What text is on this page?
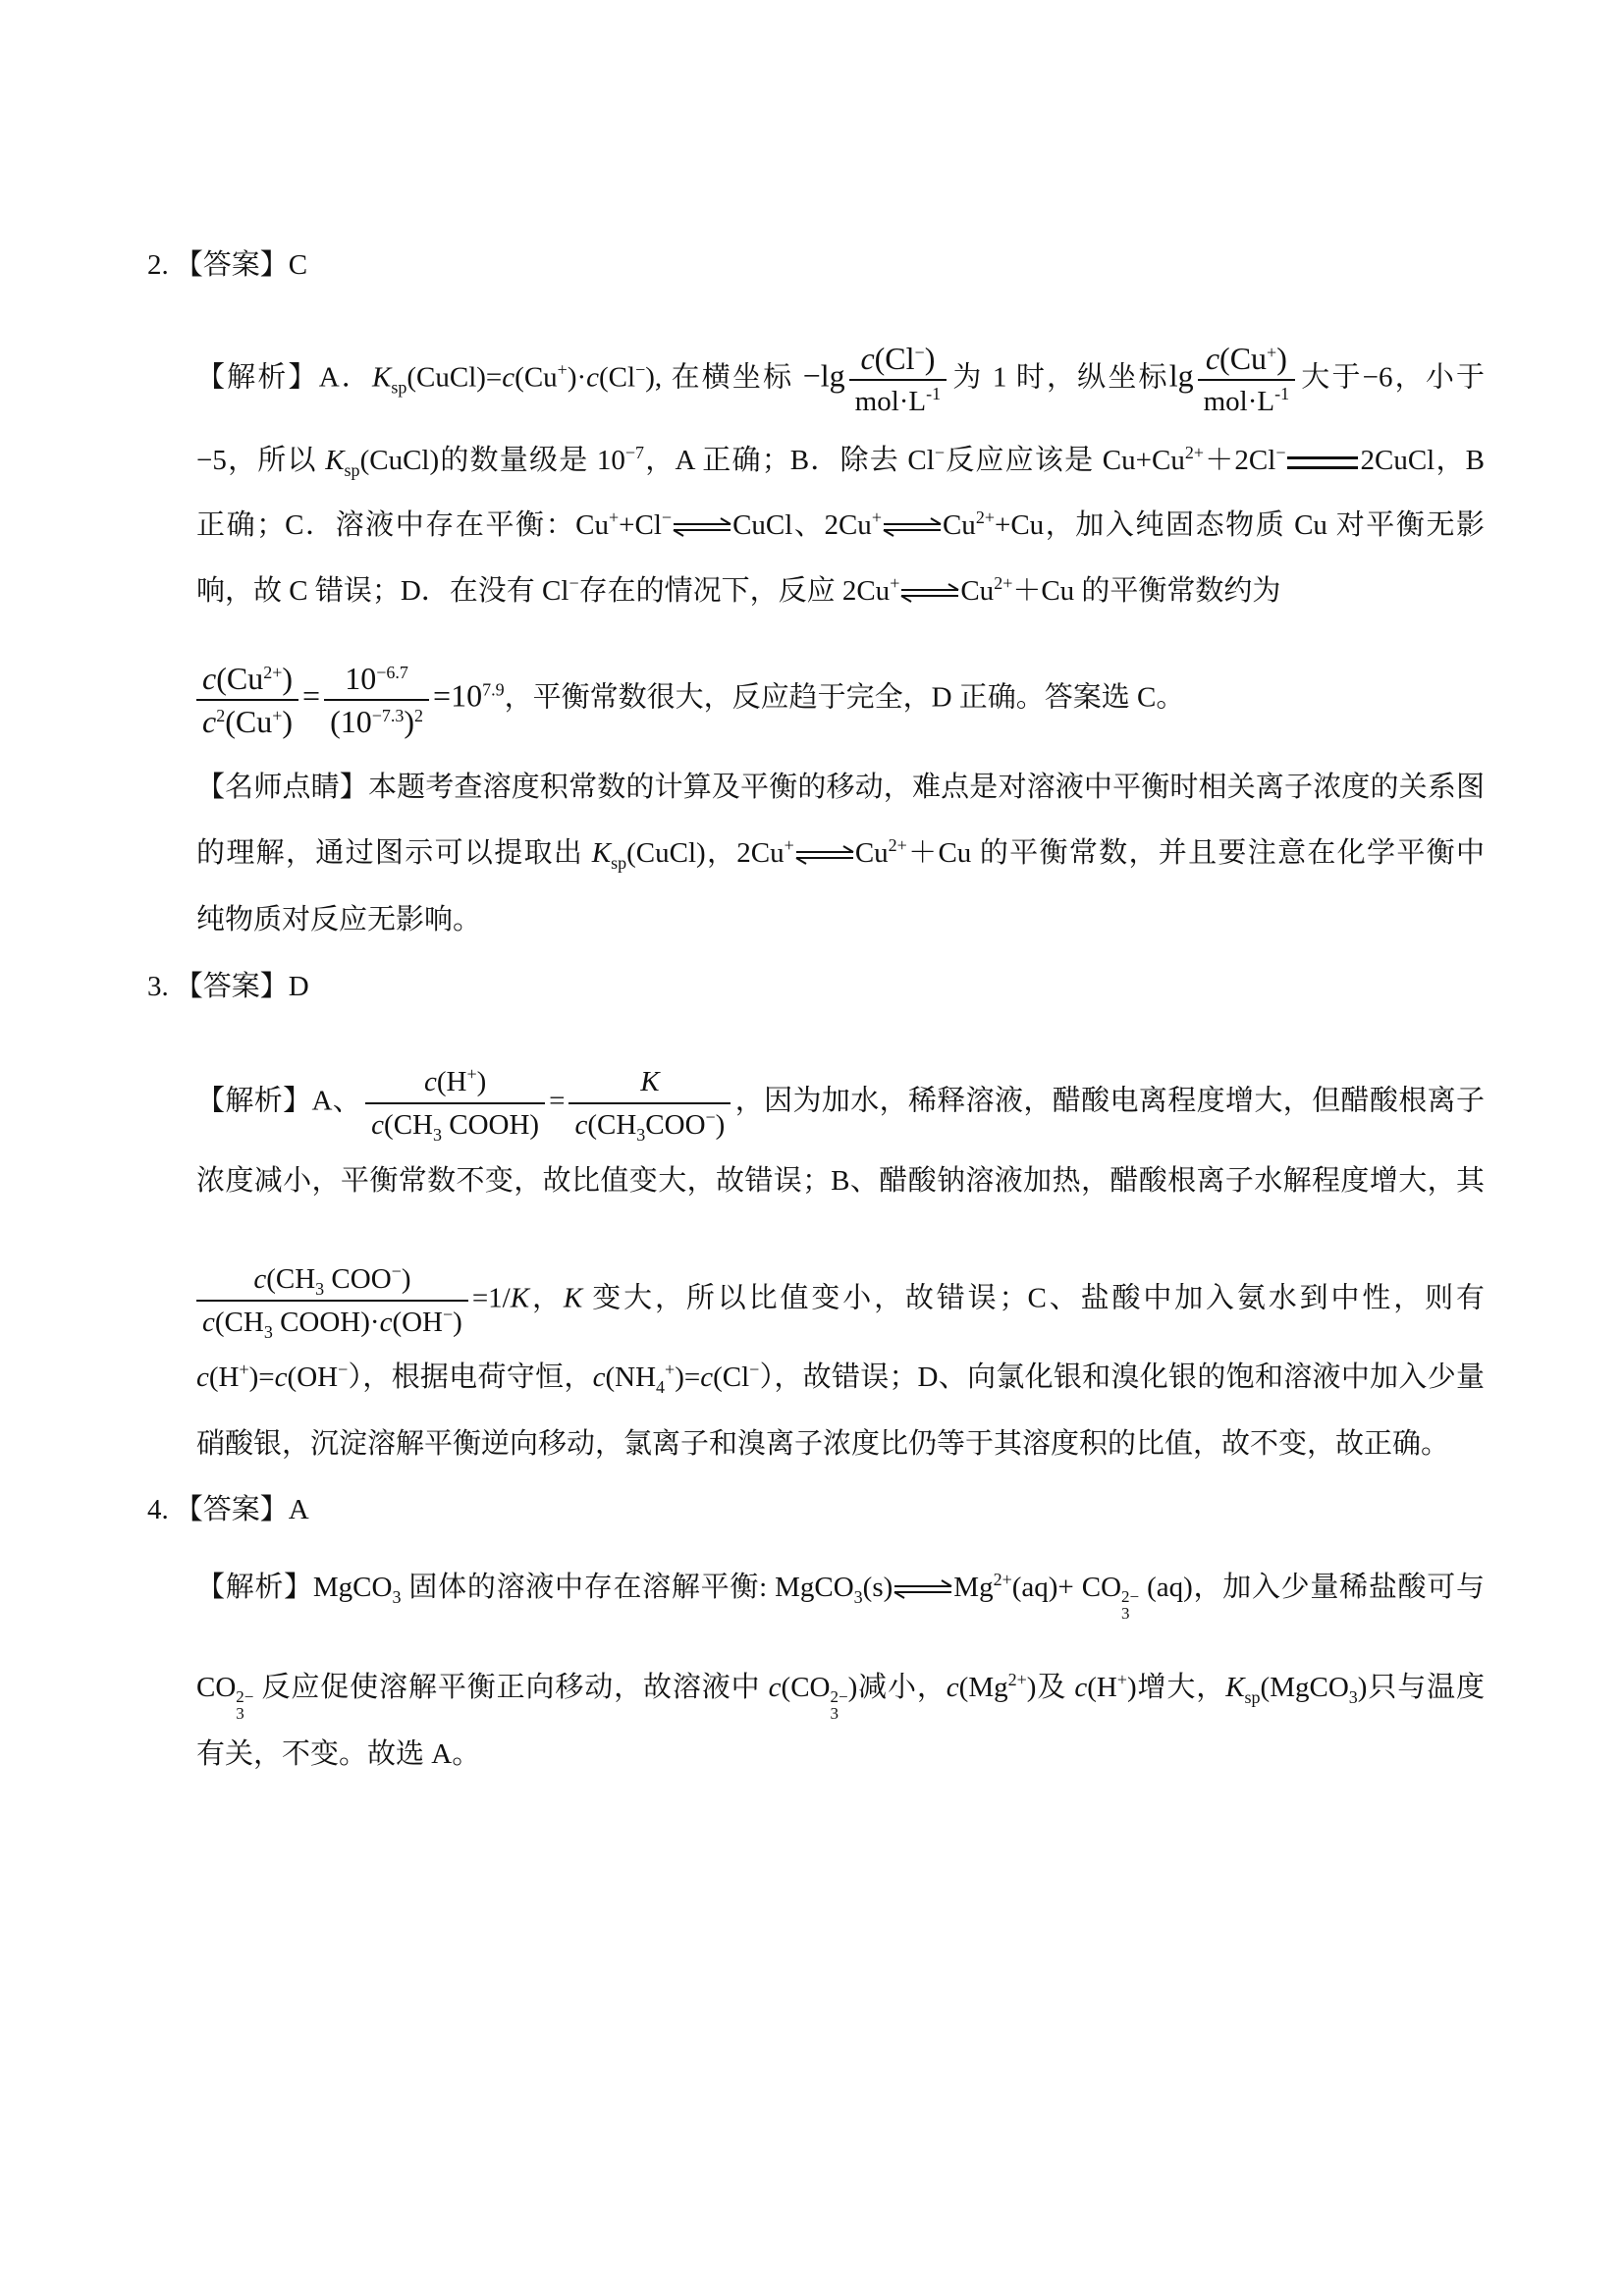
2. 【答案】C
【解析】A．$K_{sp}(CuCl)=c(Cu^+)\cdot c(Cl^-)$, 在横坐标 $-\lg \frac{c(Cl^-)}{mol\cdot L^{-1}}$ 为 1 时，纵坐标$\lg \frac{c(Cu^+)}{mol\cdot L^{-1}}$ 大于−6，小于
−5，所以 $K_{sp}(CuCl)$的数量级是 $10^{-7}$，A 正确；B．除去 Cl−反应应该是 $Cu+Cu^{2+}+2Cl^-$	2CuCl，B
正确；C．溶液中存在平衡：Cu++Cl− CuCl、2Cu+ $Cu^{2+}+Cu$，加入纯固态物质 Cu 对平衡无影
响，故 C 错误；D．在没有 Cl−存在的情况下，反应 2Cu+ $Cu^{2+}+Cu$ 的平衡常数约为
$\frac{c(Cu^{2+})}{c^2(Cu^+)} = \frac{10^{-6.7}}{(10^{-7.3})^2} =10^{7.9}$，平衡常数很大，反应趋于完全，D 正确。答案选 C。
【名师点睛】本题考查溶度积常数的计算及平衡的移动，难点是对溶液中平衡时相关离子浓度的关系图
的理解，通过图示可以提取出 $K_{sp}(CuCl)$，2Cu+ $Cu^{2+}+Cu$ 的平衡常数，并且要注意在化学平衡中
纯物质对反应无影响。
3. 【答案】D
【解析】A、 $\frac{c(H^+)}{c(CH_3 COOH)} = \frac{K}{c(CH_3COO^-)}$ ，因为加水，稀释溶液，醋酸电离程度增大，但醋酸根离子
浓度减小，平衡常数不变，故比值变大，故错误；B、醋酸钠溶液加热，醋酸根离子水解程度增大，其
$\frac{c(CH_3 COO^-)}{c(CH_3 COOH)\cdot c(OH^-)} =1/K$，K 变大，所以比值变小，故错误；C、盐酸中加入氨水到中性，则有
c(H+)=c(OH−），根据电荷守恒，$c(NH_4^+)=c(Cl^-)$，故错误；D、向氯化银和溴化银的饱和溶液中加入少量
硝酸银，沉淀溶解平衡逆向移动，氯离子和溴离子浓度比仍等于其溶度积的比值，故不变，故正确。
4. 【答案】A
【解析】MgCO$_3$ 固体的溶液中存在溶解平衡: MgCO$_3$(s) $Mg^{2+}(aq)+$ CO 2−
3
(aq)，加入少量稀盐酸可与
CO 2−
3
反应促使溶解平衡正向移动，故溶液中 c(CO 2−
3
)减小，$c(Mg^{2+})$及 c(H+)增大，$K_{sp}(MgCO_3)$只与温度
有关，不变。故选 A。
